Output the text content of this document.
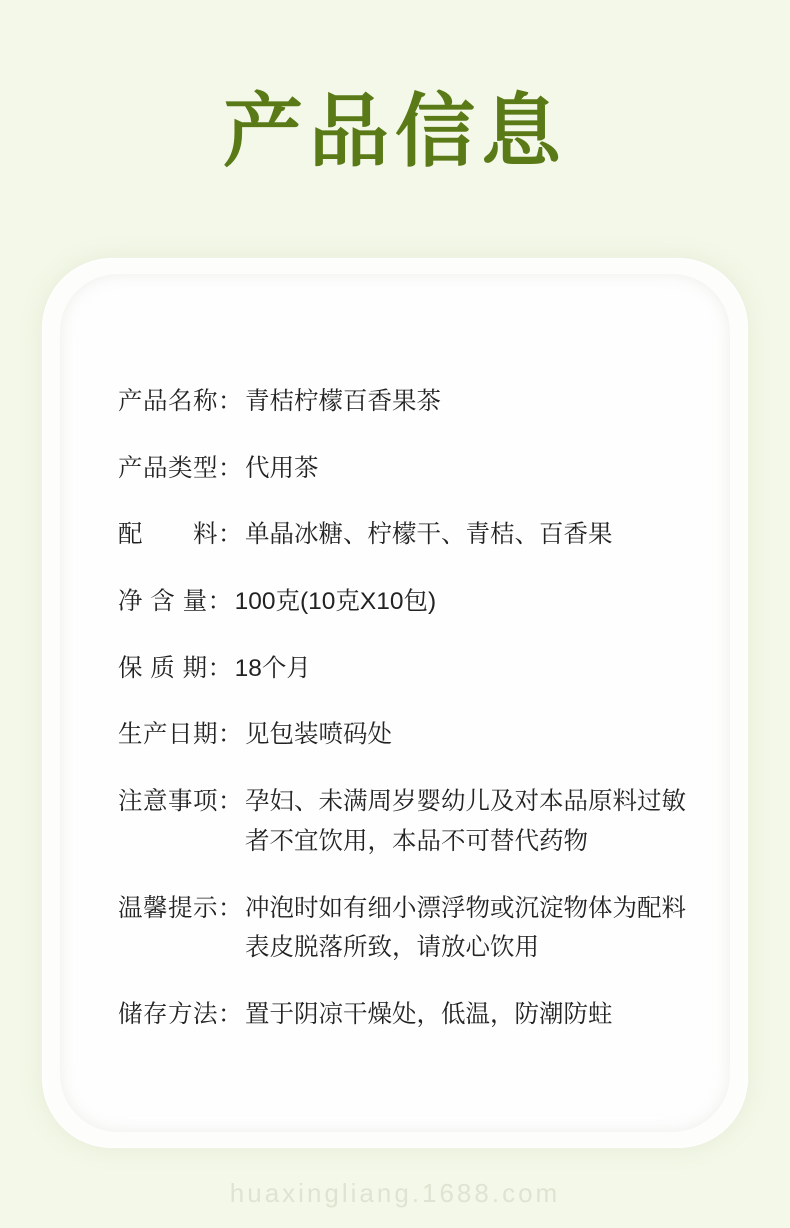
产品信息
产品名称： 青桔柠檬百香果茶
产品类型： 代用茶
配　　料： 单晶冰糖、柠檬干、青桔、百香果
净 含 量： 100克(10克X10包)
保 质 期： 18个月
生产日期： 见包装喷码处
注意事项： 孕妇、未满周岁婴幼儿及对本品原料过敏者不宜饮用，本品不可替代药物
温馨提示： 冲泡时如有细小漂浮物或沉淀物体为配料表皮脱落所致，请放心饮用
储存方法： 置于阴凉干燥处，低温，防潮防蛀
huaxingliang.1688.com
